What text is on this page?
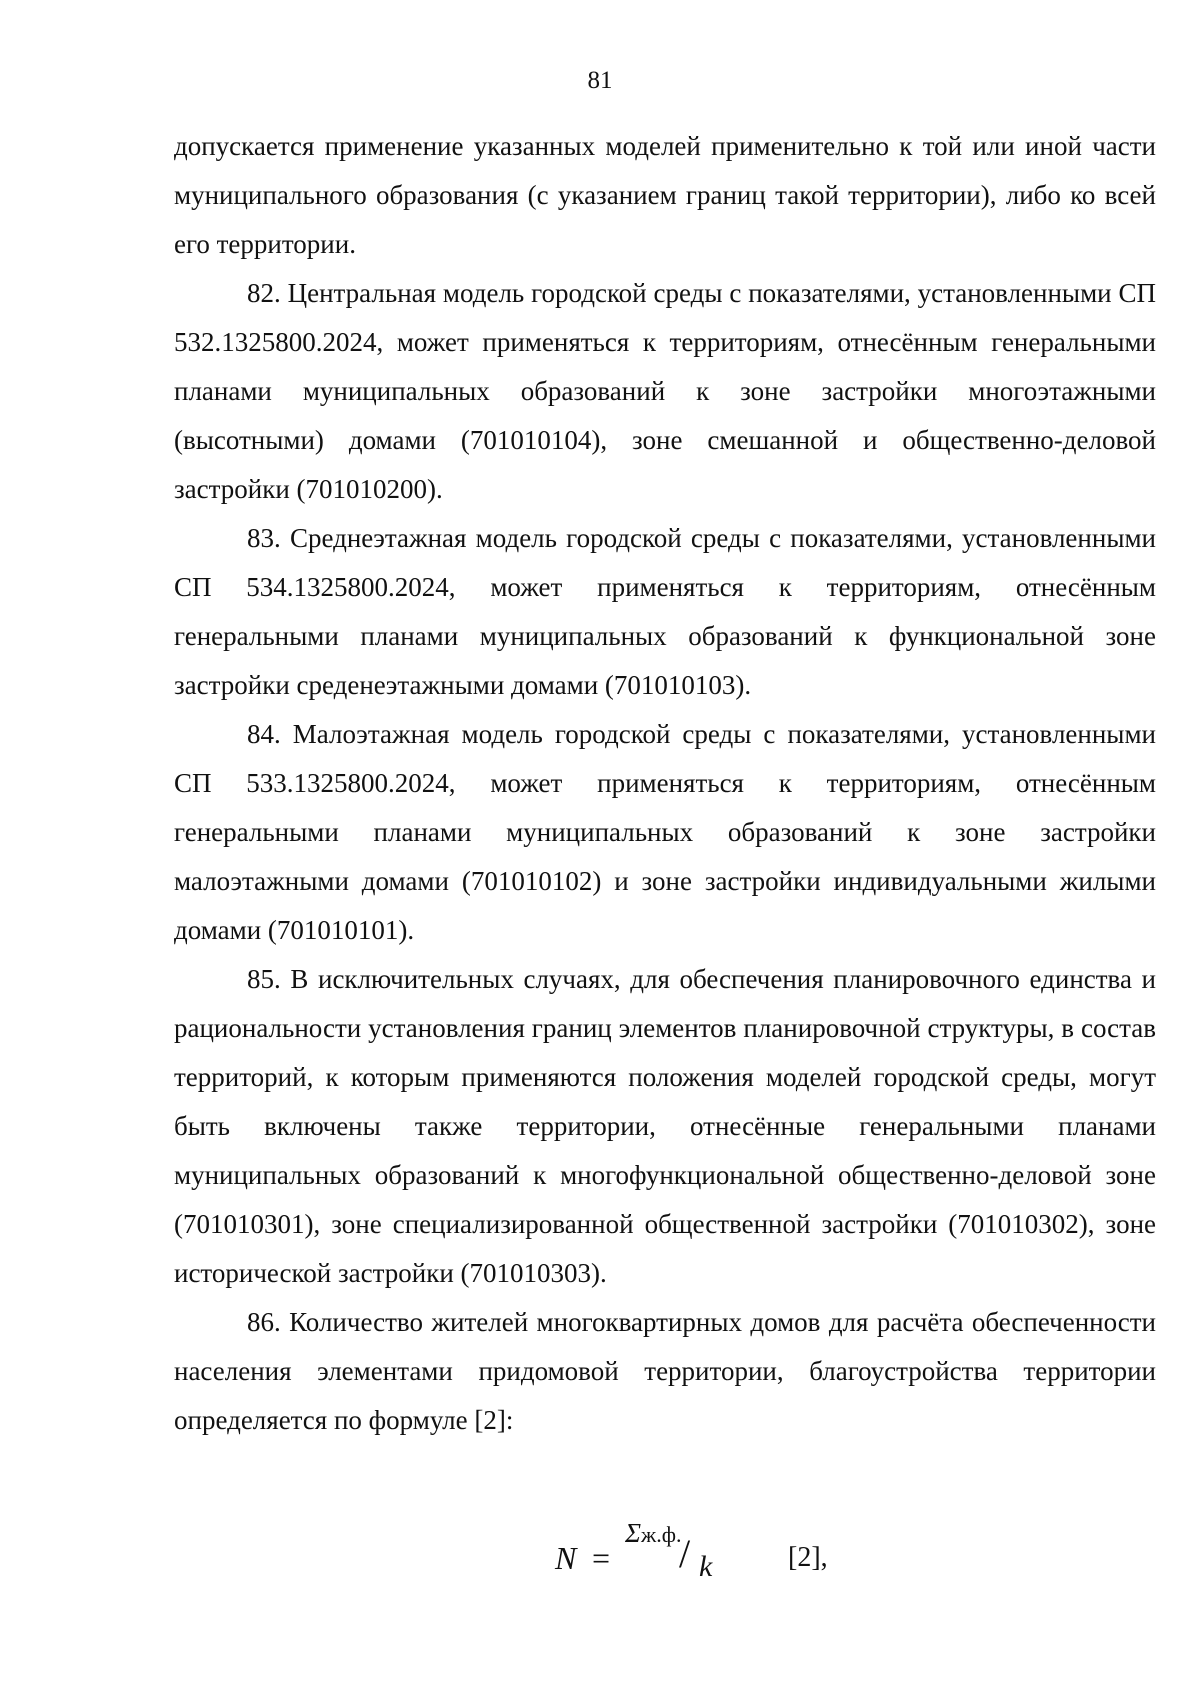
81

допускается применение указанных моделей применительно к той или иной части муниципального образования (с указанием границ такой территории), либо ко всей его территории.

82. Центральная модель городской среды с показателями, установленными СП 532.1325800.2024, может применяться к территориям, отнесённым генеральными планами муниципальных образований к зоне застройки многоэтажными (высотными) домами (701010104), зоне смешанной и общественно-деловой застройки (701010200).

83. Среднеэтажная модель городской среды с показателями, установленными СП 534.1325800.2024, может применяться к территориям, отнесённым генеральными планами муниципальных образований к функциональной зоне застройки среденеэтажными домами (701010103).

84. Малоэтажная модель городской среды с показателями, установленными СП 533.1325800.2024, может применяться к территориям, отнесённым генеральными планами муниципальных образований к зоне застройки малоэтажными домами (701010102) и зоне застройки индивидуальными жилыми домами (701010101).

85. В исключительных случаях, для обеспечения планировочного единства и рациональности установления границ элементов планировочной структуры, в состав территорий, к которым применяются положения моделей городской среды, могут быть включены также территории, отнесённые генеральными планами муниципальных образований к многофункциональной общественно-деловой зоне (701010301), зоне специализированной общественной застройки (701010302), зоне исторической застройки (701010303).

86. Количество жителей многоквартирных домов для расчёта обеспеченности населения элементами придомовой территории, благоустройства территории определяется по формуле [2]:

N =
Σж.ф.
/ k	[2],
